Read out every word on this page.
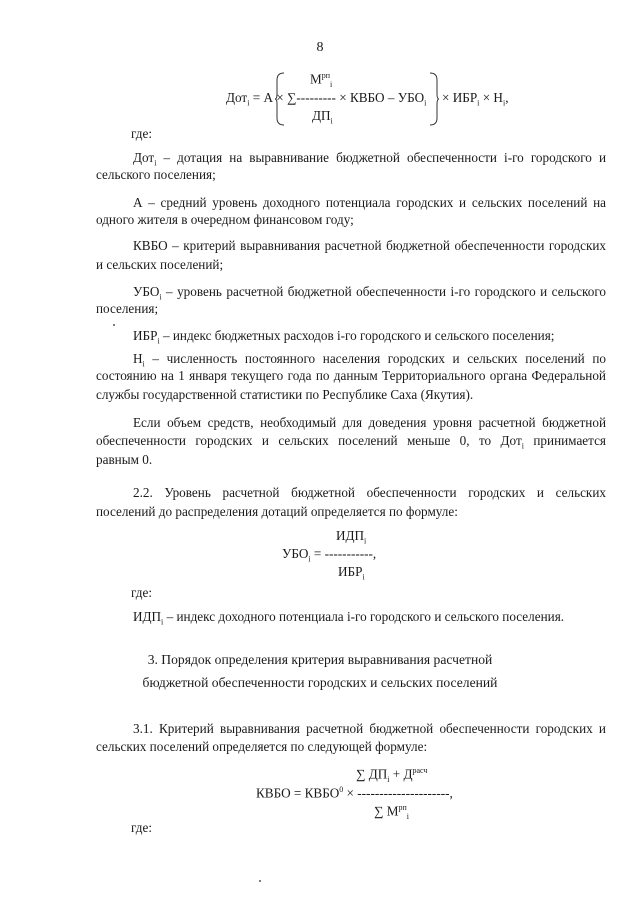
8
Дот$_i$ = А ×
$М^{рп}_i$
∑--------- × КВБО – $УБО_i$
$ДП_i$
× $ИБР_i \times Н_i$,
где:
Дот$_i$ – дотация на выравнивание бюджетной обеспеченности i-го городского и
сельского поселения;
А – средний уровень доходного потенциала городских и сельских поселений на
одного жителя в очередном финансовом году;
КВБО – критерий выравнивания расчетной бюджетной обеспеченности городских
и сельских поселений;
$УБО_i$ – уровень расчетной бюджетной обеспеченности i-го городского и сельского
поселения;
$ИБР_i$ – индекс бюджетных расходов i-го городского и сельского поселения;
$Н_i$ – численность постоянного населения городских и сельских поселений по
состоянию на 1 января текущего года по данным Территориального органа Федеральной
службы государственной статистики по Республике Саха (Якутия).
Если объем средств, необходимый для доведения уровня расчетной бюджетной
обеспеченности городских и сельских поселений меньше 0, то Дот$_i$ принимается
равным 0.
2.2. Уровень расчетной бюджетной обеспеченности городских и сельских
поселений до распределения дотаций определяется по формуле:
$ИДП_i$
$УБО_i$ = -----------,
$ИБР_i$
где:
$ИДП_i$ – индекс доходного потенциала i-го городского и сельского поселения.
3. Порядок определения критерия выравнивания расчетной
бюджетной обеспеченности городских и сельских поселений
3.1. Критерий выравнивания расчетной бюджетной обеспеченности городских и
сельских поселений определяется по следующей формуле:
∑ $ДП_i + Д^{расч}$
КВБО = $КВБО^0$ × ---------------------,
∑ $М^{рп}_i$
где:
